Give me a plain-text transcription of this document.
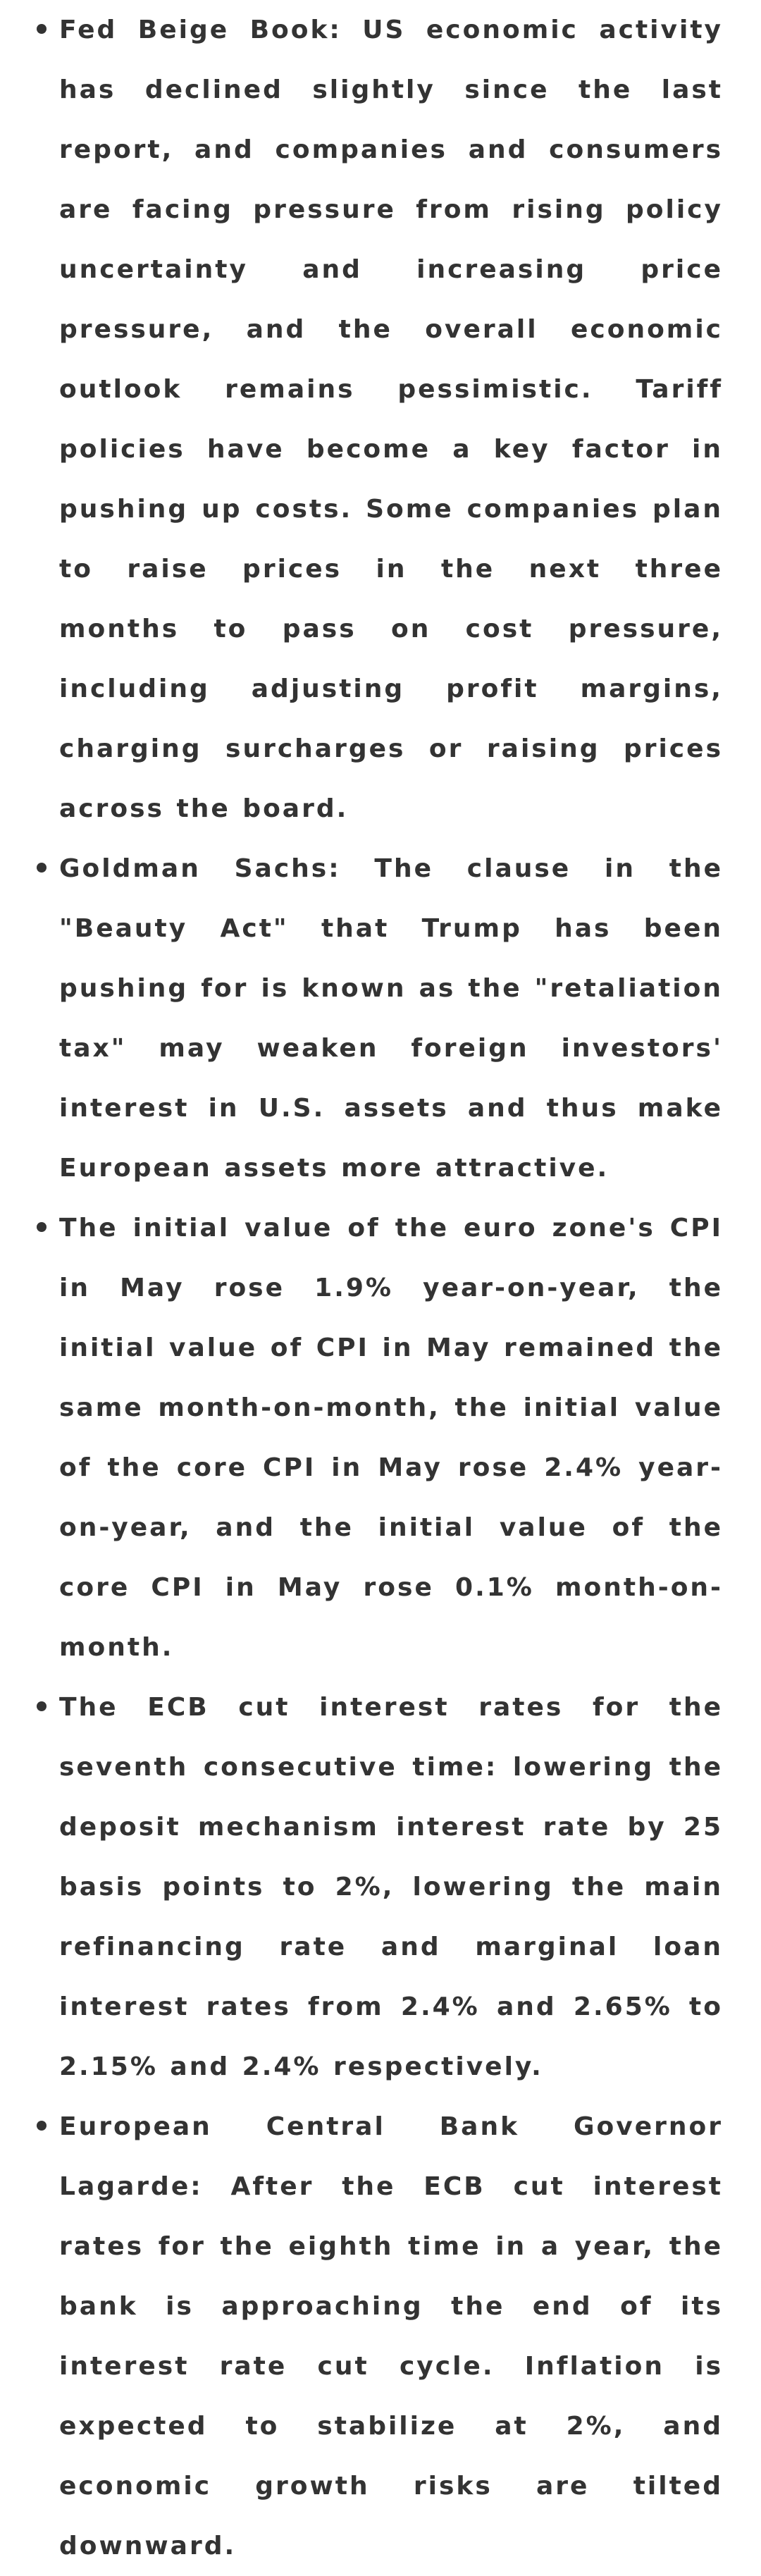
Fed Beige Book: US economic activity has declined slightly since the last report, and companies and consumers are facing pressure from rising policy uncertainty and increasing price pressure, and the overall economic outlook remains pessimistic. Tariff policies have become a key factor in pushing up costs. Some companies plan to raise prices in the next three months to pass on cost pressure, including adjusting profit margins, charging surcharges or raising prices across the board.
Goldman Sachs: The clause in the "Beauty Act" that Trump has been pushing for is known as the "retaliation tax" may weaken foreign investors' interest in U.S. assets and thus make European assets more attractive.
The initial value of the euro zone's CPI in May rose 1.9% year-on-year, the initial value of CPI in May remained the same month-on-month, the initial value of the core CPI in May rose 2.4% year-on-year, and the initial value of the core CPI in May rose 0.1% month-on-month.
The ECB cut interest rates for the seventh consecutive time: lowering the deposit mechanism interest rate by 25 basis points to 2%, lowering the main refinancing rate and marginal loan interest rates from 2.4% and 2.65% to 2.15% and 2.4% respectively.
European Central Bank Governor Lagarde: After the ECB cut interest rates for the eighth time in a year, the bank is approaching the end of its interest rate cut cycle. Inflation is expected to stabilize at 2%, and economic growth risks are tilted downward.
